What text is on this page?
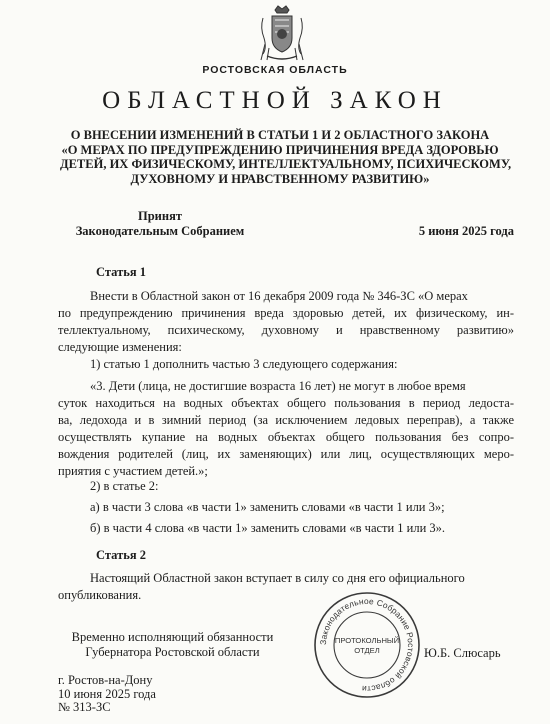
РОСТОВСКАЯ ОБЛАСТЬ
ОБЛАСТНОЙ ЗАКОН
О ВНЕСЕНИИ ИЗМЕНЕНИЙ В СТАТЬИ 1 И 2 ОБЛАСТНОГО ЗАКОНА
«О МЕРАХ ПО ПРЕДУПРЕЖДЕНИЮ ПРИЧИНЕНИЯ ВРЕДА ЗДОРОВЬЮ
ДЕТЕЙ, ИХ ФИЗИЧЕСКОМУ, ИНТЕЛЛЕКТУАЛЬНОМУ, ПСИХИЧЕСКОМУ,
ДУХОВНОМУ И НРАВСТВЕННОМУ РАЗВИТИЮ»
Принят
Законодательным Собранием	5 июня 2025 года
Статья 1
Внести в Областной закон от 16 декабря 2009 года № 346-ЗС «О мерах
по предупреждению причинения вреда здоровью детей, их физическому, ин-
теллектуальному, психическому, духовному и нравственному развитию»
следующие изменения:
1) статью 1 дополнить частью 3 следующего содержания:
«3. Дети (лица, не достигшие возраста 16 лет) не могут в любое время
суток находиться на водных объектах общего пользования в период ледоста-
ва, ледохода и в зимний период (за исключением ледовых переправ), а также
осуществлять купание на водных объектах общего пользования без сопро-
вождения родителей (лиц, их заменяющих) или лиц, осуществляющих меро-
приятия с участием детей.»;
2) в статье 2:
а) в части 3 слова «в части 1» заменить словами «в части 1 или 3»;
б) в части 4 слова «в части 1» заменить словами «в части 1 или 3».
Статья 2
Настоящий Областной закон вступает в силу со дня его официального
опубликования.
Временно исполняющий обязанности
Губернатора Ростовской области
Законодательное Собрание Ростовской области
ПРОТОКОЛЬНЫЙ
ОТДЕЛ	Ю.Б. Слюсарь
г. Ростов-на-Дону
10 июня 2025 года
№ 313-ЗС
